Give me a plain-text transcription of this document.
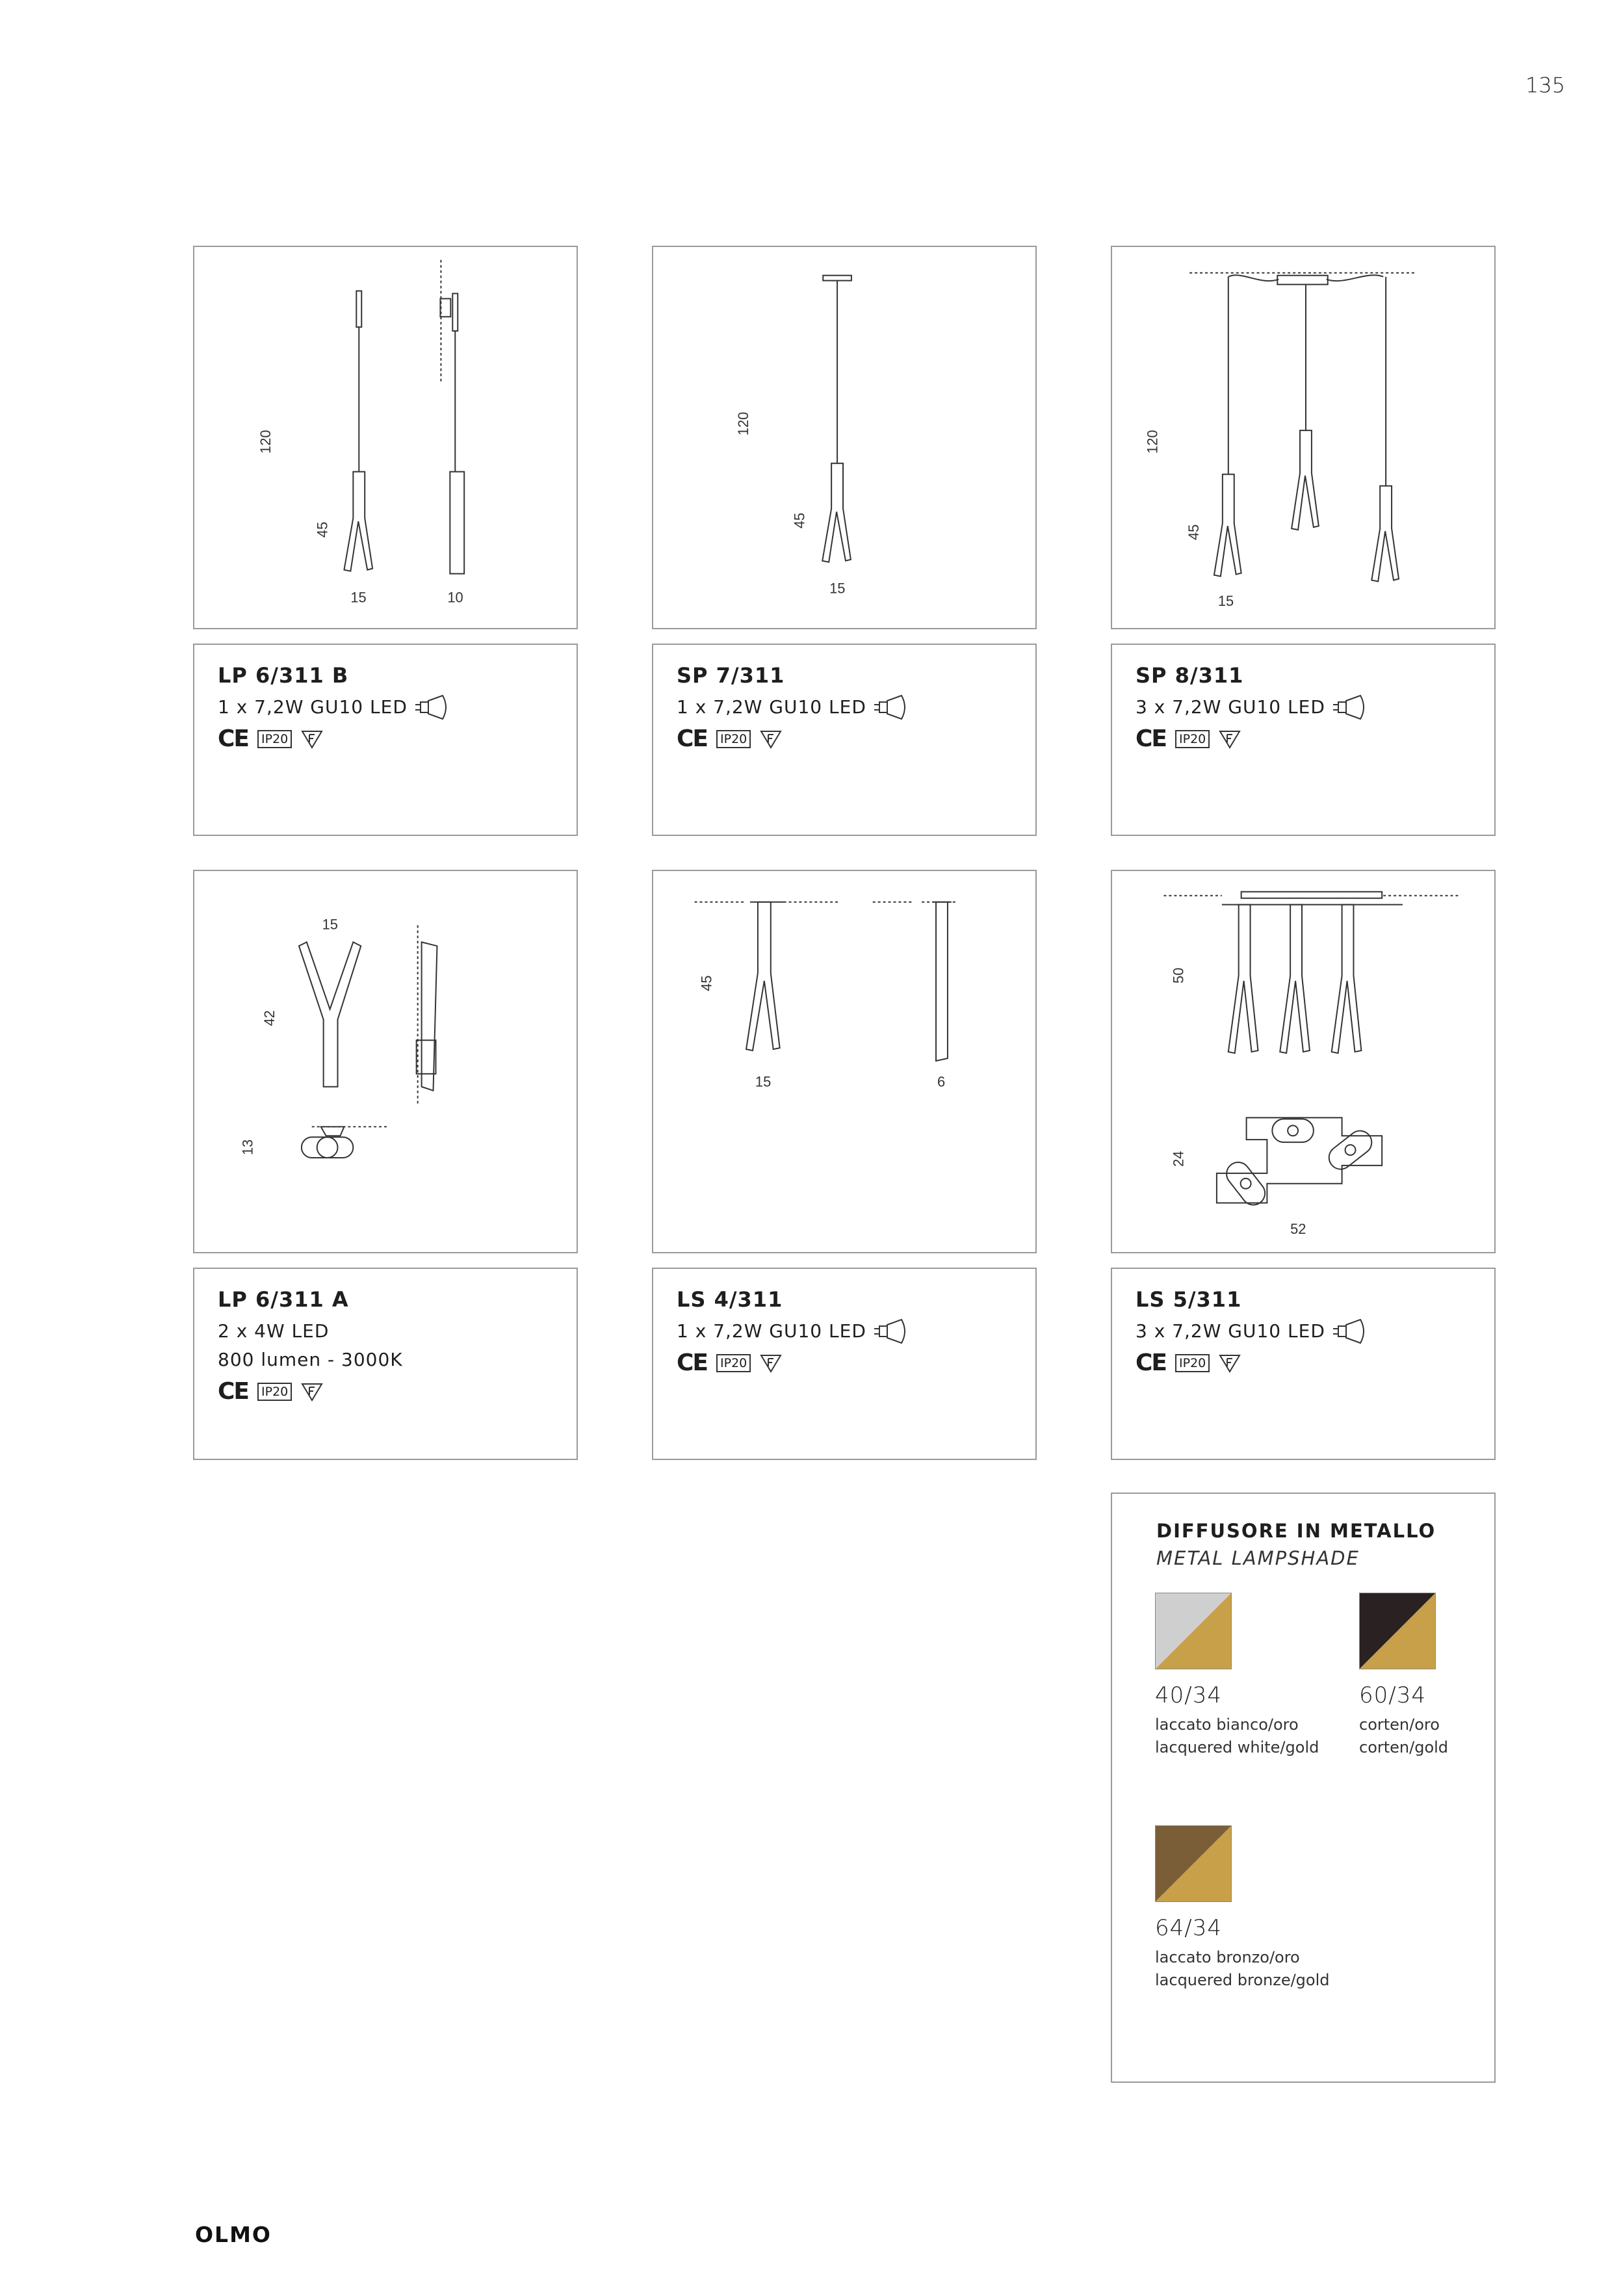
135
120
45
15	10
120
45
15
120
45
15
LP 6/311 B
1 x 7,2W GU10 LED
CE	IP20
SP 7/311
1 x 7,2W GU10 LED
CE	IP20
SP 8/311
3 x 7,2W GU10 LED
CE	IP20
15
42
13
45
15	6
50
24
52
LP 6/311 A
2 x 4W LED
800 lumen - 3000K
CE	IP20
LS 4/311
1 x 7,2W GU10 LED
CE	IP20
LS 5/311
3 x 7,2W GU10 LED
CE	IP20
DIFFUSORE IN METALLO
METAL LAMPSHADE
40/34
laccato bianco/oro
lacquered white/gold
60/34
corten/oro
corten/gold
64/34
laccato bronzo/oro
lacquered bronze/gold
OLMO
